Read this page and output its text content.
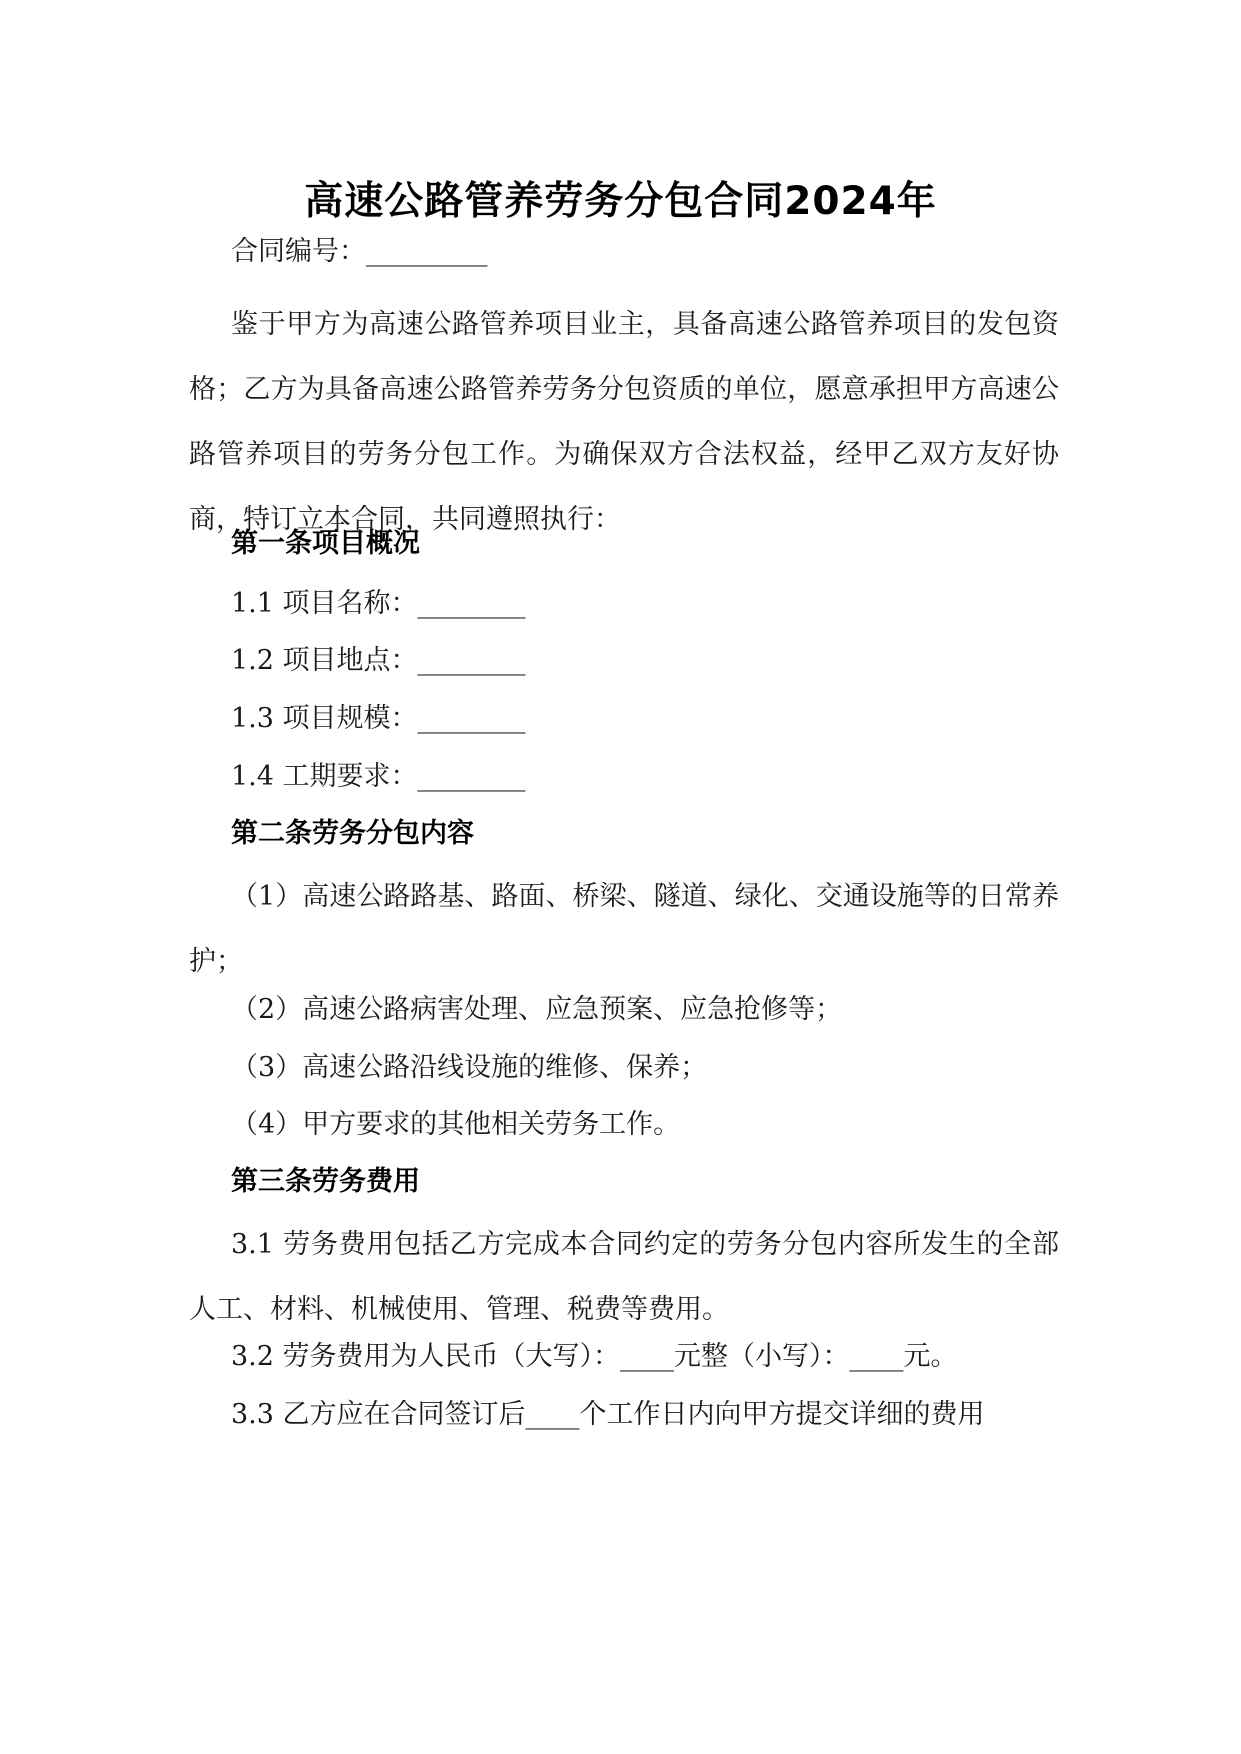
高速公路管养劳务分包合同2024年
合同编号：_________
鉴于甲方为高速公路管养项目业主，具备高速公路管养项目的发包资格；乙方为具备高速公路管养劳务分包资质的单位，愿意承担甲方高速公路管养项目的劳务分包工作。为确保双方合法权益，经甲乙双方友好协商，特订立本合同，共同遵照执行：
第一条项目概况
1.1 项目名称：________
1.2 项目地点：________
1.3 项目规模：________
1.4 工期要求：________
第二条劳务分包内容
（1）高速公路路基、路面、桥梁、隧道、绿化、交通设施等的日常养护；
（2）高速公路病害处理、应急预案、应急抢修等；
（3）高速公路沿线设施的维修、保养；
（4）甲方要求的其他相关劳务工作。
第三条劳务费用
3.1 劳务费用包括乙方完成本合同约定的劳务分包内容所发生的全部人工、材料、机械使用、管理、税费等费用。
3.2 劳务费用为人民币（大写）：____元整（小写）：____元。
3.3 乙方应在合同签订后____个工作日内向甲方提交详细的费用
